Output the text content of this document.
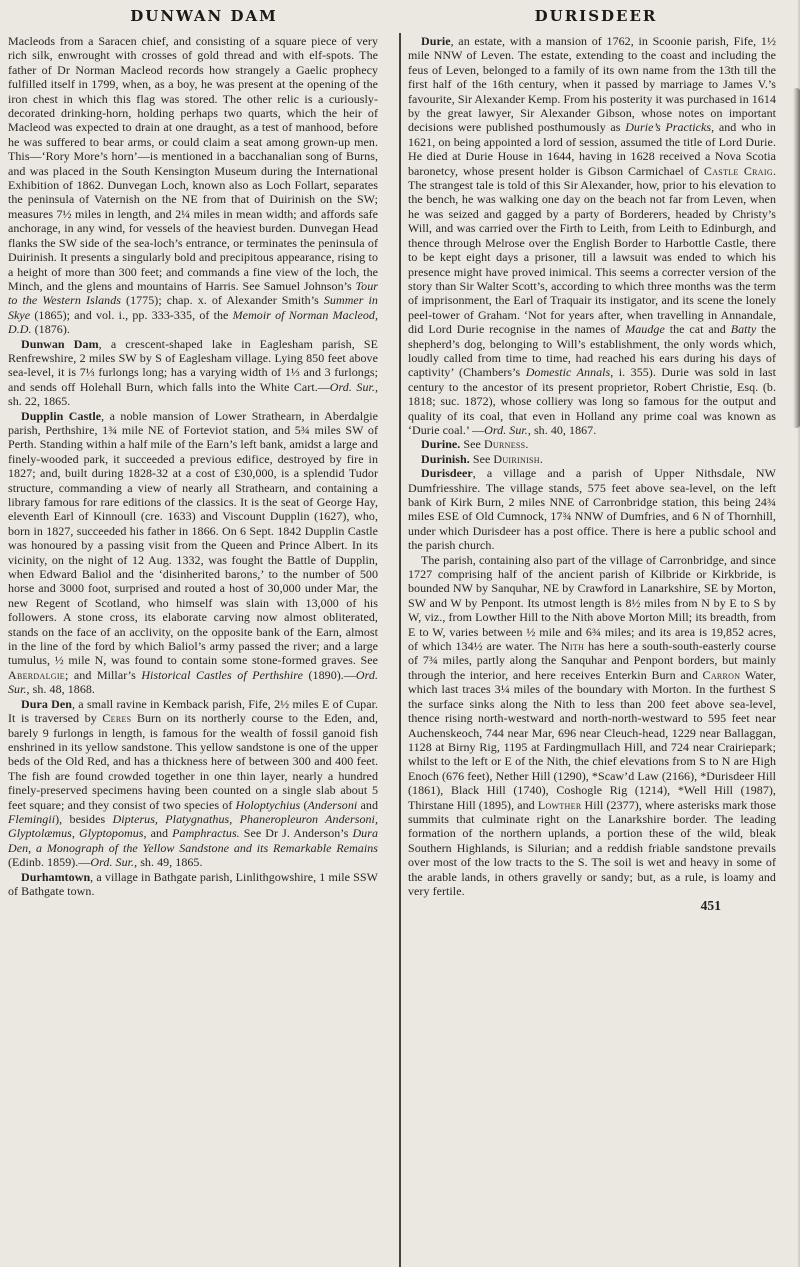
DUNWAN DAM	DURISDEER

Macleods from a Saracen chief, and consisting of a square piece of very rich silk, enwrought with crosses of gold thread and with elf-spots. The father of Dr Norman Macleod records how strangely a Gaelic prophecy fulfilled itself in 1799, when, as a boy, he was present at the opening of the iron chest in which this flag was stored. The other relic is a curiously-decorated drinking-horn, holding perhaps two quarts, which the heir of Macleod was expected to drain at one draught, as a test of manhood, before he was suffered to bear arms, or could claim a seat among grown-up men. This—‘Rory More’s horn’—is mentioned in a bacchanalian song of Burns, and was placed in the South Kensington Museum during the International Exhibition of 1862. Dunvegan Loch, known also as Loch Follart, separates the peninsula of Vaternish on the NE from that of Duirinish on the SW; measures 7½ miles in length, and 2¼ miles in mean width; and affords safe anchorage, in any wind, for vessels of the heaviest burden. Dunvegan Head flanks the SW side of the sea-loch’s entrance, or terminates the peninsula of Duirinish. It presents a singularly bold and precipitous appearance, rising to a height of more than 300 feet; and commands a fine view of the loch, the Minch, and the glens and mountains of Harris. See Samuel Johnson’s Tour to the Western Islands (1775); chap. x. of Alexander Smith’s Summer in Skye (1865); and vol. i., pp. 333-335, of the Memoir of Norman Macleod, D.D. (1876).

Dunwan Dam, a crescent-shaped lake in Eaglesham parish, SE Renfrewshire, 2 miles SW by S of Eaglesham village. Lying 850 feet above sea-level, it is 7⅓ furlongs long; has a varying width of 1⅓ and 3 furlongs; and sends off Holehall Burn, which falls into the White Cart.—Ord. Sur., sh. 22, 1865.

Dupplin Castle, a noble mansion of Lower Strathearn, in Aberdalgie parish, Perthshire, 1¾ mile NE of Forteviot station, and 5¾ miles SW of Perth. Standing within a half mile of the Earn’s left bank, amidst a large and finely-wooded park, it succeeded a previous edifice, destroyed by fire in 1827; and, built during 1828-32 at a cost of £30,000, is a splendid Tudor structure, commanding a view of nearly all Strathearn, and containing a library famous for rare editions of the classics. It is the seat of George Hay, eleventh Earl of Kinnoull (cre. 1633) and Viscount Dupplin (1627), who, born in 1827, succeeded his father in 1866. On 6 Sept. 1842 Dupplin Castle was honoured by a passing visit from the Queen and Prince Albert. In its vicinity, on the night of 12 Aug. 1332, was fought the Battle of Dupplin, when Edward Baliol and the ‘disinherited barons,’ to the number of 500 horse and 3000 foot, surprised and routed a host of 30,000 under Mar, the new Regent of Scotland, who himself was slain with 13,000 of his followers. A stone cross, its elaborate carving now almost obliterated, stands on the face of an acclivity, on the opposite bank of the Earn, almost in the line of the ford by which Baliol’s army passed the river; and a large tumulus, ½ mile N, was found to contain some stone-formed graves. See Aberdalgie; and Millar’s Historical Castles of Perthshire (1890).—Ord. Sur., sh. 48, 1868.

Dura Den, a small ravine in Kemback parish, Fife, 2½ miles E of Cupar. It is traversed by Ceres Burn on its northerly course to the Eden, and, barely 9 furlongs in length, is famous for the wealth of fossil ganoid fish enshrined in its yellow sandstone. This yellow sandstone is one of the upper beds of the Old Red, and has a thickness here of between 300 and 400 feet. The fish are found crowded together in one thin layer, nearly a hundred finely-preserved specimens having been counted on a single slab about 5 feet square; and they consist of two species of Holoptychius (Andersoni and Flemingii), besides Dipterus, Platygnathus, Phaneropleuron Andersoni, Glyptolæmus, Glyptopomus, and Pamphractus. See Dr J. Anderson’s Dura Den, a Monograph of the Yellow Sandstone and its Remarkable Remains (Edinb. 1859).—Ord. Sur., sh. 49, 1865.

Durhamtown, a village in Bathgate parish, Linlithgowshire, 1 mile SSW of Bathgate town.

Durie, an estate, with a mansion of 1762, in Scoonie parish, Fife, 1½ mile NNW of Leven. The estate, extending to the coast and including the feus of Leven, belonged to a family of its own name from the 13th till the first half of the 16th century, when it passed by marriage to James V.’s favourite, Sir Alexander Kemp. From his posterity it was purchased in 1614 by the great lawyer, Sir Alexander Gibson, whose notes on important decisions were published posthumously as Durie’s Practicks, and who in 1621, on being appointed a lord of session, assumed the title of Lord Durie. He died at Durie House in 1644, having in 1628 received a Nova Scotia baronetcy, whose present holder is Gibson Carmichael of Castle Craig. The strangest tale is told of this Sir Alexander, how, prior to his elevation to the bench, he was walking one day on the beach not far from Leven, when he was seized and gagged by a party of Borderers, headed by Christy’s Will, and was carried over the Firth to Leith, from Leith to Edinburgh, and thence through Melrose over the English Border to Harbottle Castle, there to be kept eight days a prisoner, till a lawsuit was ended to which his presence might have proved inimical. This seems a correcter version of the story than Sir Walter Scott’s, according to which three months was the term of imprisonment, the Earl of Traquair its instigator, and its scene the lonely peel-tower of Graham. ‘Not for years after, when travelling in Annandale, did Lord Durie recognise in the names of Maudge the cat and Batty the shepherd’s dog, belonging to Will’s establishment, the only words which, loudly called from time to time, had reached his ears during his days of captivity’ (Chambers’s Domestic Annals, i. 355). Durie was sold in last century to the ancestor of its present proprietor, Robert Christie, Esq. (b. 1818; suc. 1872), whose colliery was long so famous for the output and quality of its coal, that even in Holland any prime coal was known as ‘Durie coal.’ —Ord. Sur., sh. 40, 1867.

Durine. See Durness.

Durinish. See Duirinish.

Durisdeer, a village and a parish of Upper Nithsdale, NW Dumfriesshire. The village stands, 575 feet above sea-level, on the left bank of Kirk Burn, 2 miles NNE of Carronbridge station, this being 24¾ miles ESE of Old Cumnock, 17¾ NNW of Dumfries, and 6 N of Thornhill, under which Durisdeer has a post office. There is here a public school and the parish church.

The parish, containing also part of the village of Carronbridge, and since 1727 comprising half of the ancient parish of Kilbride or Kirkbride, is bounded NW by Sanquhar, NE by Crawford in Lanarkshire, SE by Morton, SW and W by Penpont. Its utmost length is 8½ miles from N by E to S by W, viz., from Lowther Hill to the Nith above Morton Mill; its breadth, from E to W, varies between ½ mile and 6¾ miles; and its area is 19,852 acres, of which 134½ are water. The Nith has here a south-south-easterly course of 7¾ miles, partly along the Sanquhar and Penpont borders, but mainly through the interior, and here receives Enterkin Burn and Carron Water, which last traces 3¼ miles of the boundary with Morton. In the furthest S the surface sinks along the Nith to less than 200 feet above sea-level, thence rising north-westward and north-north-westward to 595 feet near Auchenskeoch, 744 near Mar, 696 near Cleuch-head, 1229 near Ballaggan, 1128 at Birny Rig, 1195 at Fardingmullach Hill, and 724 near Crairiepark; whilst to the left or E of the Nith, the chief elevations from S to N are High Enoch (676 feet), Nether Hill (1290), *Scaw’d Law (2166), *Durisdeer Hill (1861), Black Hill (1740), Coshogle Rig (1214), *Well Hill (1987), Thirstane Hill (1895), and Lowther Hill (2377), where asterisks mark those summits that culminate right on the Lanarkshire border. The leading formation of the northern uplands, a portion these of the wild, bleak Southern Highlands, is Silurian; and a reddish friable sandstone prevails over most of the low tracts to the S. The soil is wet and heavy in some of the arable lands, in others gravelly or sandy; but, as a rule, is loamy and very fertile.

451
